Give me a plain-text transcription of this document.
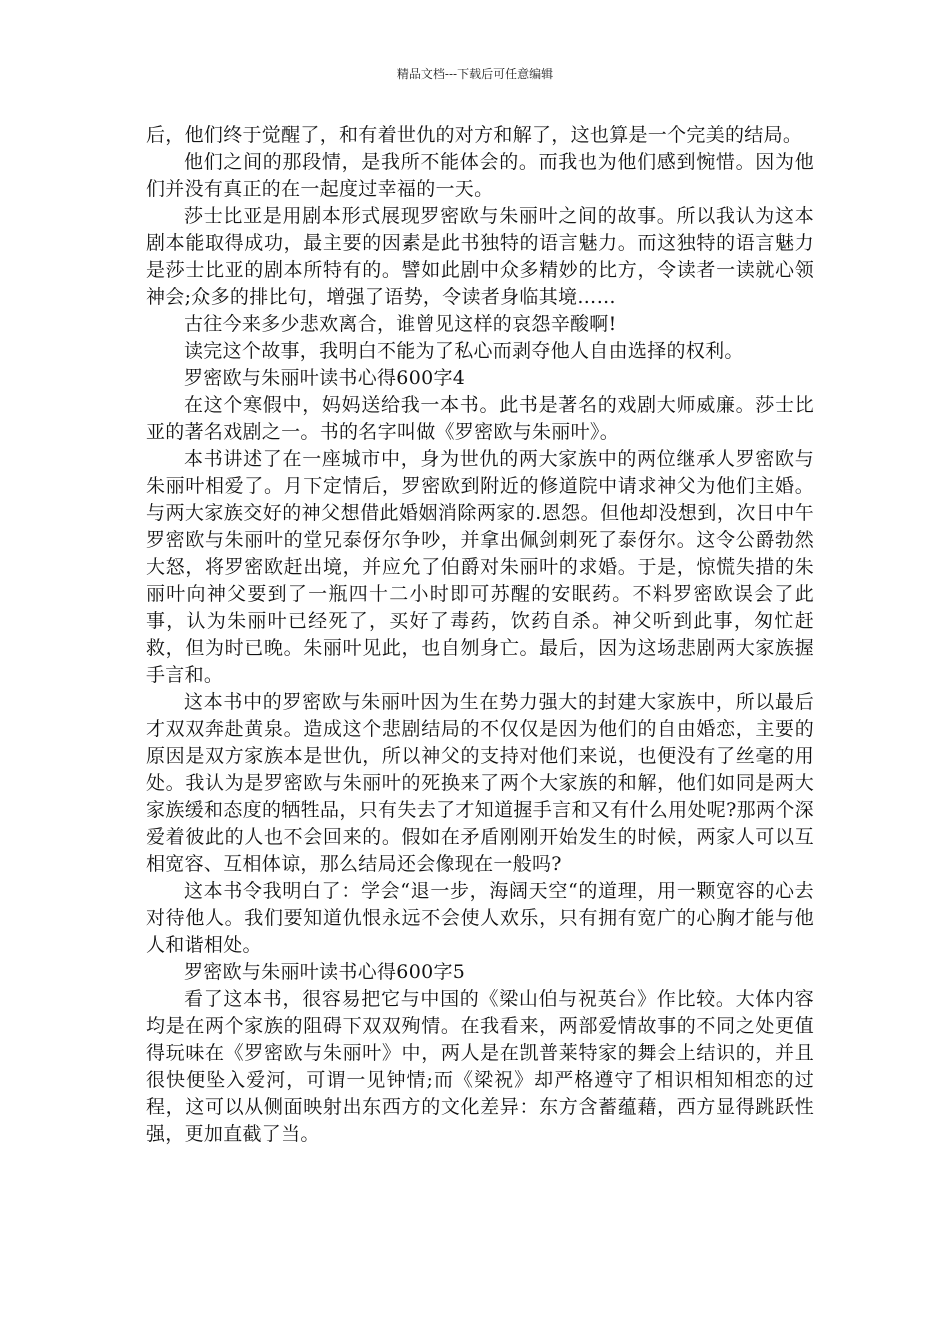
精品文档---下载后可任意编辑

后，他们终于觉醒了，和有着世仇的对方和解了，这也算是一个完美的结局。

他们之间的那段情，是我所不能体会的。而我也为他们感到惋惜。因为他们并没有真正的在一起度过幸福的一天。

莎士比亚是用剧本形式展现罗密欧与朱丽叶之间的故事。所以我认为这本剧本能取得成功，最主要的因素是此书独特的语言魅力。而这独特的语言魅力是莎士比亚的剧本所特有的。譬如此剧中众多精妙的比方，令读者一读就心领神会;众多的排比句，增强了语势，令读者身临其境……

古往今来多少悲欢离合，谁曾见这样的哀怨辛酸啊!

读完这个故事，我明白不能为了私心而剥夺他人自由选择的权利。

罗密欧与朱丽叶读书心得600字4

在这个寒假中，妈妈送给我一本书。此书是著名的戏剧大师威廉。莎士比亚的著名戏剧之一。书的名字叫做《罗密欧与朱丽叶》。

本书讲述了在一座城市中，身为世仇的两大家族中的两位继承人罗密欧与朱丽叶相爱了。月下定情后，罗密欧到附近的修道院中请求神父为他们主婚。与两大家族交好的神父想借此婚姻消除两家的.恩怨。但他却没想到，次日中午罗密欧与朱丽叶的堂兄泰伢尔争吵，并拿出佩剑刺死了泰伢尔。这令公爵勃然大怒，将罗密欧赶出境，并应允了伯爵对朱丽叶的求婚。于是，惊慌失措的朱丽叶向神父要到了一瓶四十二小时即可苏醒的安眠药。不料罗密欧误会了此事，认为朱丽叶已经死了，买好了毒药，饮药自杀。神父听到此事，匆忙赶救，但为时已晚。朱丽叶见此，也自刎身亡。最后，因为这场悲剧两大家族握手言和。

这本书中的罗密欧与朱丽叶因为生在势力强大的封建大家族中，所以最后才双双奔赴黄泉。造成这个悲剧结局的不仅仅是因为他们的自由婚恋，主要的原因是双方家族本是世仇，所以神父的支持对他们来说，也便没有了丝毫的用处。我认为是罗密欧与朱丽叶的死换来了两个大家族的和解，他们如同是两大家族缓和态度的牺牲品，只有失去了才知道握手言和又有什么用处呢?那两个深爱着彼此的人也不会回来的。假如在矛盾刚刚开始发生的时候，两家人可以互相宽容、互相体谅，那么结局还会像现在一般吗?

这本书令我明白了：学会“退一步，海阔天空“的道理，用一颗宽容的心去对待他人。我们要知道仇恨永远不会使人欢乐，只有拥有宽广的心胸才能与他人和谐相处。

罗密欧与朱丽叶读书心得600字5

看了这本书，很容易把它与中国的《梁山伯与祝英台》作比较。大体内容均是在两个家族的阻碍下双双殉情。在我看来，两部爱情故事的不同之处更值得玩味在《罗密欧与朱丽叶》中，两人是在凯普莱特家的舞会上结识的，并且很快便坠入爱河，可谓一见钟情;而《梁祝》却严格遵守了相识相知相恋的过程，这可以从侧面映射出东西方的文化差异：东方含蓄蕴藉，西方显得跳跃性强，更加直截了当。
